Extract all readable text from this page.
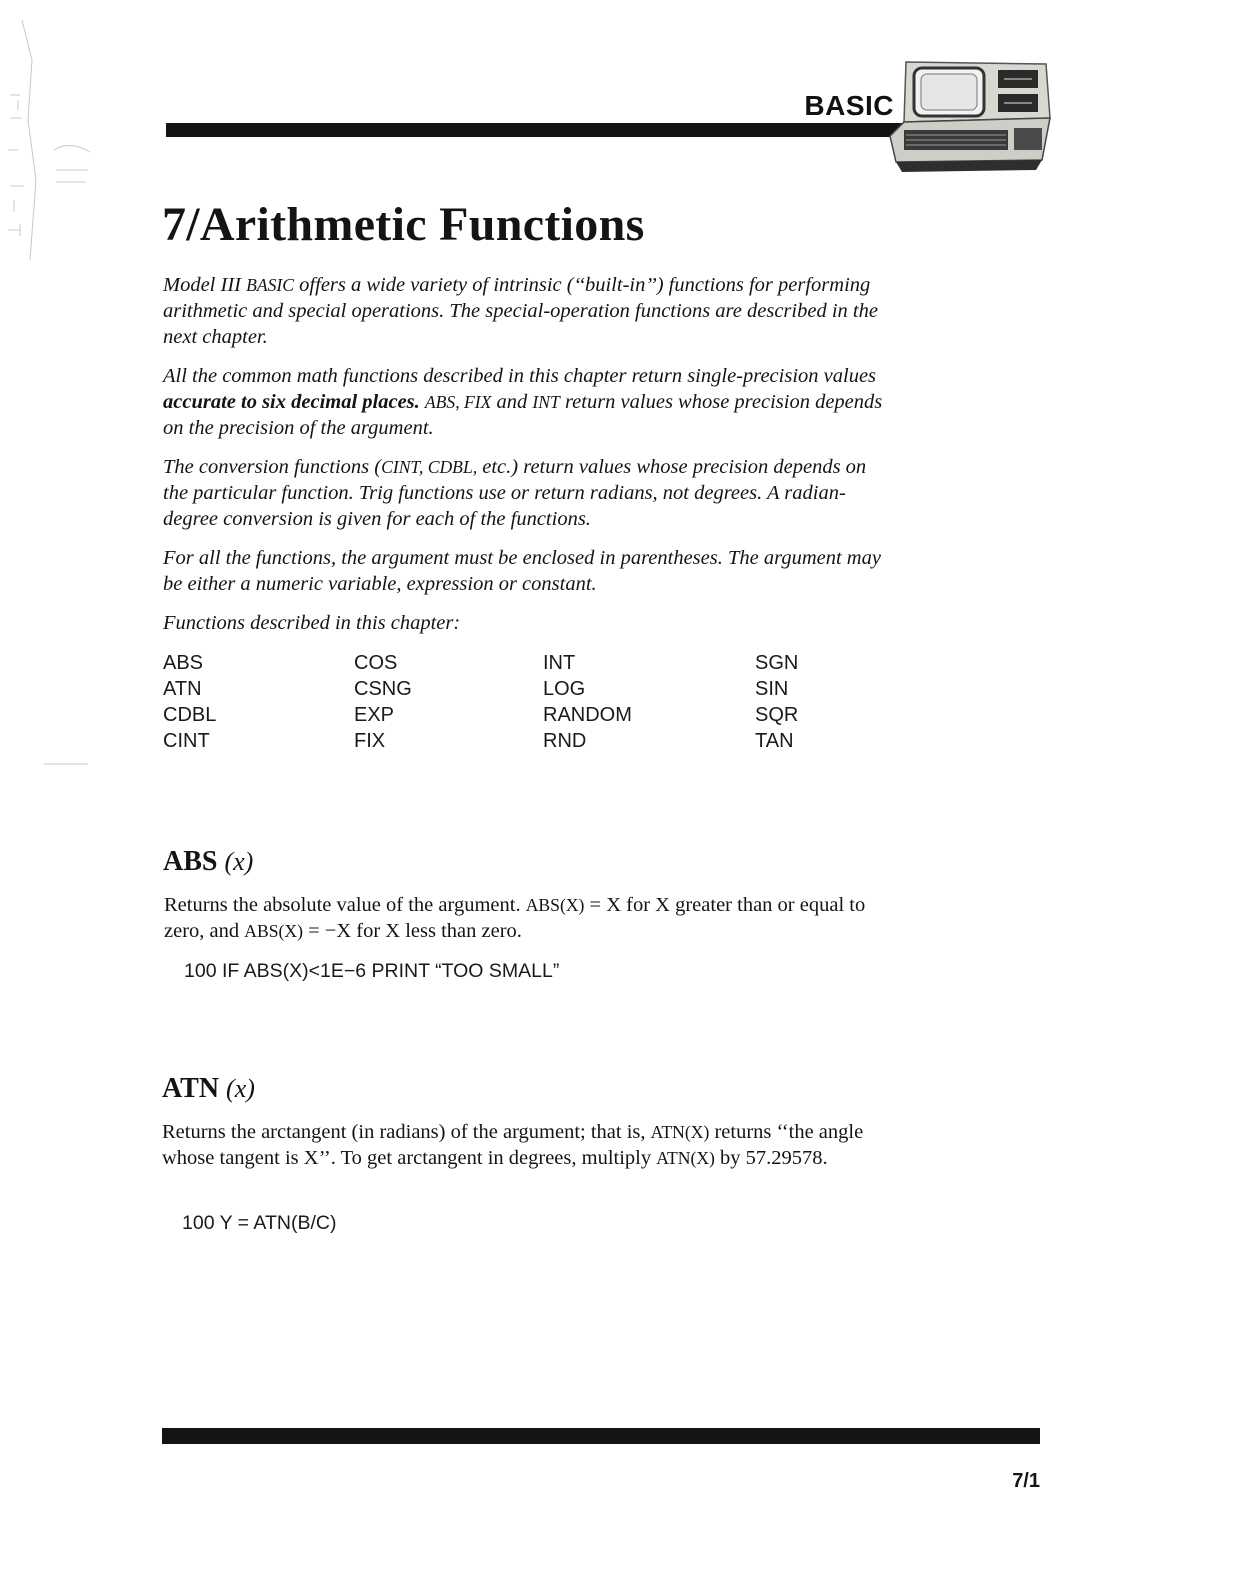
BASIC
7/Arithmetic Functions

Model III BASIC offers a wide variety of intrinsic (‘‘built-in’’) functions for performing arithmetic and special operations. The special-operation functions are described in the next chapter.

All the common math functions described in this chapter return single-precision values accurate to six decimal places. ABS, FIX and INT return values whose precision depends on the precision of the argument.

The conversion functions (CINT, CDBL, etc.) return values whose precision depends on the particular function. Trig functions use or return radians, not degrees. A radian-degree conversion is given for each of the functions.

For all the functions, the argument must be enclosed in parentheses. The argument may be either a numeric variable, expression or constant.

Functions described in this chapter:

ABS	COS	INT	SGN
ATN	CSNG	LOG	SIN
CDBL	EXP	RANDOM	SQR
CINT	FIX	RND	TAN
ABS (x)

Returns the absolute value of the argument. ABS(X) = X for X greater than or equal to zero, and ABS(X) = −X for X less than zero.

100 IF ABS(X)<1E−6 PRINT “TOO SMALL”

ATN (x)

Returns the arctangent (in radians) of the argument; that is, ATN(X) returns ‘‘the angle whose tangent is X’’. To get arctangent in degrees, multiply ATN(X) by 57.29578.

100 Y = ATN(B/C)

7/1
